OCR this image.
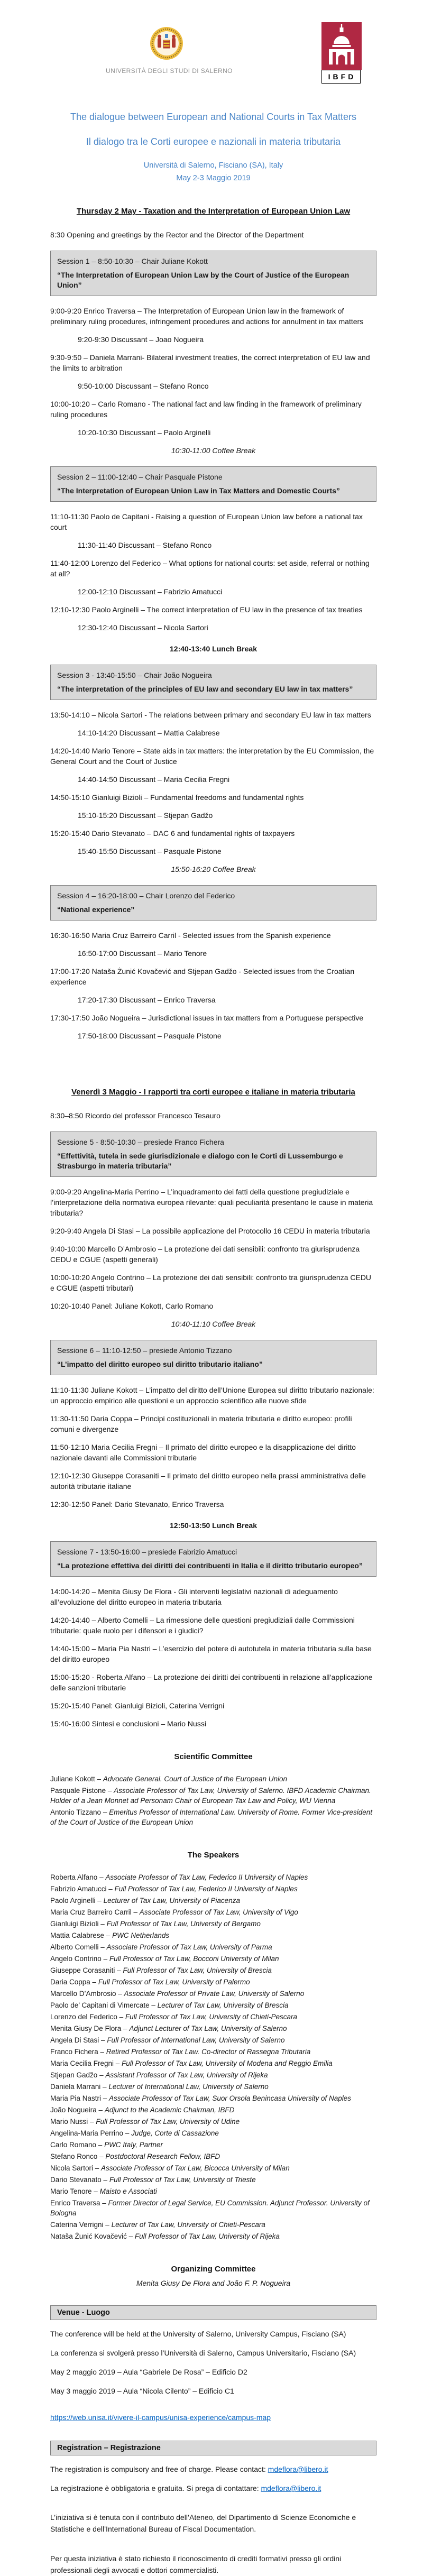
UNIVERSITÀ DEGLI STUDI DI SALERNO
IBFD

The dialogue between European and National Courts in Tax Matters

Il dialogo tra le Corti europee e nazionali in materia tributaria

Università di Salerno, Fisciano (SA), Italy

May 2-3 Maggio 2019

Thursday 2 May - Taxation and the Interpretation of European Union Law

8:30 Opening and greetings by the Rector and the Director of the Department

Session 1 – 8:50-10:30 – Chair Juliane Kokott

“The Interpretation of European Union Law by the Court of Justice of the European Union”

9:00-9:20 Enrico Traversa – The Interpretation of European Union law in the framework of preliminary ruling procedures, infringement procedures and actions for annulment in tax matters

9:20-9:30 Discussant – Joao Nogueira

9:30-9:50 – Daniela Marrani- Bilateral investment treaties, the correct interpretation of EU law and the limits to arbitration

9:50-10:00 Discussant – Stefano Ronco

10:00-10:20 – Carlo Romano - The national fact and law finding in the framework of preliminary ruling procedures

10:20-10:30 Discussant – Paolo Arginelli

10:30-11:00 Coffee Break

Session 2 – 11:00-12:40 – Chair Pasquale Pistone

“The Interpretation of European Union Law in Tax Matters and Domestic Courts”

11:10-11:30 Paolo de Capitani - Raising a question of European Union law before a national tax court

11:30-11:40 Discussant – Stefano Ronco

11:40-12:00 Lorenzo del Federico – What options for national courts: set aside, referral or nothing at all?

12:00-12:10 Discussant – Fabrizio Amatucci

12:10-12:30 Paolo Arginelli – The correct interpretation of EU law in the presence of tax treaties

12:30-12:40 Discussant – Nicola Sartori

12:40-13:40 Lunch Break

Session 3 - 13:40-15:50 – Chair João Nogueira

“The interpretation of the principles of EU law and secondary EU law in tax matters”

13:50-14:10 – Nicola Sartori - The relations between primary and secondary EU law in tax matters

14:10-14:20 Discussant – Mattia Calabrese

14:20-14:40 Mario Tenore – State aids in tax matters: the interpretation by the EU Commission, the General Court and the Court of Justice

14:40-14:50 Discussant – Maria Cecilia Fregni

14:50-15:10 Gianluigi Bizioli – Fundamental freedoms and fundamental rights

15:10-15:20 Discussant – Stjepan Gadžo

15:20-15:40 Dario Stevanato – DAC 6 and fundamental rights of taxpayers

15:40-15:50 Discussant – Pasquale Pistone

15:50-16:20 Coffee Break

Session 4 – 16:20-18:00 – Chair Lorenzo del Federico

“National experience”

16:30-16:50 Maria Cruz Barreiro Carril - Selected issues from the Spanish experience

16:50-17:00 Discussant – Mario Tenore

17:00-17:20 Nataša Żunić Kovačević and Stjepan Gadžo - Selected issues from the Croatian experience

17:20-17:30 Discussant – Enrico Traversa

17:30-17:50 João Nogueira – Jurisdictional issues in tax matters from a Portuguese perspective

17:50-18:00 Discussant – Pasquale Pistone

Venerdì 3 Maggio - I rapporti tra corti europee e italiane in materia tributaria

8:30–8:50 Ricordo del professor Francesco Tesauro

Sessione 5 - 8:50-10:30 – presiede Franco Fichera

“Effettività, tutela in sede giurisdizionale e dialogo con le Corti di Lussemburgo e Strasburgo in materia tributaria”

9:00-9:20 Angelina-Maria Perrino – L’inquadramento dei fatti della questione pregiudiziale e l’interpretazione della normativa europea rilevante: quali peculiarità presentano le cause in materia tributaria?

9:20-9:40 Angela Di Stasi – La possibile applicazione del Protocollo 16 CEDU in materia tributaria

9:40-10:00 Marcello D’Ambrosio – La protezione dei dati sensibili: confronto tra giurisprudenza CEDU e CGUE (aspetti generali)

10:00-10:20 Angelo Contrino – La protezione dei dati sensibili: confronto tra giurisprudenza CEDU e CGUE (aspetti tributari)

10:20-10:40 Panel: Juliane Kokott, Carlo Romano

10:40-11:10 Coffee Break

Sessione 6 – 11:10-12:50 – presiede Antonio Tizzano

“L’impatto del diritto europeo sul diritto tributario italiano”

11:10-11:30 Juliane Kokott – L’impatto del diritto dell’Unione Europea sul diritto tributario nazionale: un approccio empirico alle questioni e un approccio scientifico alle nuove sfide

11:30-11:50 Daria Coppa – Principi costituzionali in materia tributaria e diritto europeo: profili comuni e divergenze

11:50-12:10 Maria Cecilia Fregni – Il primato del diritto europeo e la disapplicazione del diritto nazionale davanti alle Commissioni tributarie

12:10-12:30 Giuseppe Corasaniti – Il primato del diritto europeo nella prassi amministrativa delle autorità tributarie italiane

12:30-12:50 Panel: Dario Stevanato, Enrico Traversa

12:50-13:50 Lunch Break

Sessione 7 - 13:50-16:00 – presiede Fabrizio Amatucci

“La protezione effettiva dei diritti dei contribuenti in Italia e il diritto tributario europeo”

14:00-14:20 – Menita Giusy De Flora - Gli interventi legislativi nazionali di adeguamento all’evoluzione del diritto europeo in materia tributaria

14:20-14:40 – Alberto Comelli – La rimessione delle questioni pregiudiziali dalle Commissioni tributarie: quale ruolo per i difensori e i giudici?

14:40-15:00 – Maria Pia Nastri – L’esercizio del potere di autotutela in materia tributaria sulla base del diritto europeo

15:00-15:20 - Roberta Alfano – La protezione dei diritti dei contribuenti in relazione all’applicazione delle sanzioni tributarie

15:20-15:40 Panel: Gianluigi Bizioli, Caterina Verrigni

15:40-16:00 Sintesi e conclusioni – Mario Nussi

Scientific Committee

Juliane Kokott – Advocate General. Court of Justice of the European Union

Pasquale Pistone – Associate Professor of Tax Law, University of Salerno. IBFD Academic Chairman. Holder of a Jean Monnet ad Personam Chair of European Tax Law and Policy, WU Vienna

Antonio Tizzano – Emeritus Professor of International Law. University of Rome. Former Vice-president of the Court of Justice of the European Union

The Speakers

Roberta Alfano – Associate Professor of Tax Law, Federico II University of Naples

Fabrizio Amatucci – Full Professor of Tax Law, Federico II University of Naples

Paolo Arginelli – Lecturer of Tax Law, University of Piacenza

Maria Cruz Barreiro Carril – Associate Professor of Tax Law, University of Vigo

Gianluigi Bizioli – Full Professor of Tax Law, University of Bergamo

Mattia Calabrese – PWC Netherlands

Alberto Comelli – Associate Professor of Tax Law, University of Parma

Angelo Contrino – Full Professor of Tax Law, Bocconi University of Milan

Giuseppe Corasaniti – Full Professor of Tax Law, University of Brescia

Daria Coppa – Full Professor of Tax Law, University of Palermo

Marcello D’Ambrosio – Associate Professor of Private Law, University of Salerno

Paolo de’ Capitani di Vimercate – Lecturer of Tax Law, University of Brescia

Lorenzo del Federico – Full Professor of Tax Law, University of Chieti-Pescara

Menita Giusy De Flora – Adjunct Lecturer of Tax Law, University of Salerno

Angela Di Stasi – Full Professor of International Law, University of Salerno

Franco Fichera – Retired Professor of Tax Law. Co-director of Rassegna Tributaria

Maria Cecilia Fregni – Full Professor of Tax Law, University of Modena and Reggio Emilia

Stjepan Gadžo – Assistant Professor of Tax Law, University of Rijeka

Daniela Marrani – Lecturer of International Law, University of Salerno

Maria Pia Nastri – Associate Professor of Tax Law, Suor Orsola Benincasa University of Naples

João Nogueira – Adjunct to the Academic Chairman, IBFD

Mario Nussi – Full Professor of Tax Law, University of Udine

Angelina-Maria Perrino – Judge, Corte di Cassazione

Carlo Romano – PWC Italy, Partner

Stefano Ronco – Postdoctoral Research Fellow, IBFD

Nicola Sartori – Associate Professor of Tax Law, Bicocca University of Milan

Dario Stevanato – Full Professor of Tax Law, University of Trieste

Mario Tenore – Maisto e Associati

Enrico Traversa – Former Director of Legal Service, EU Commission. Adjunct Professor. University of Bologna

Caterina Verrigni – Lecturer of Tax Law, University of Chieti-Pescara

Nataša Żunić Kovačević – Full Professor of Tax Law, University of Rijeka

Organizing Committee

Menita Giusy De Flora and João F. P. Nogueira

Venue - Luogo

The conference will be held at the University of Salerno, University Campus, Fisciano (SA)

La conferenza si svolgerà presso l’Università di Salerno, Campus Universitario, Fisciano (SA)

May 2 maggio 2019 – Aula “Gabriele De Rosa” – Edificio D2

May 3 maggio 2019 – Aula “Nicola Cilento” – Edificio C1

https://web.unisa.it/vivere-il-campus/unisa-experience/campus-map

Registration – Registrazione

The registration is compulsory and free of charge. Please contact: mdeflora@libero.it

La registrazione è obbligatoria e gratuita. Si prega di contattare: mdeflora@libero.it

L’iniziativa si è tenuta con il contributo dell’Ateneo, del Dipartimento di Scienze Economiche e Statistiche e dell’International Bureau of Fiscal Documentation.

Per questa iniziativa è stato richiesto il riconoscimento di crediti formativi presso gli ordini professionali degli avvocati e dottori commercialisti.
